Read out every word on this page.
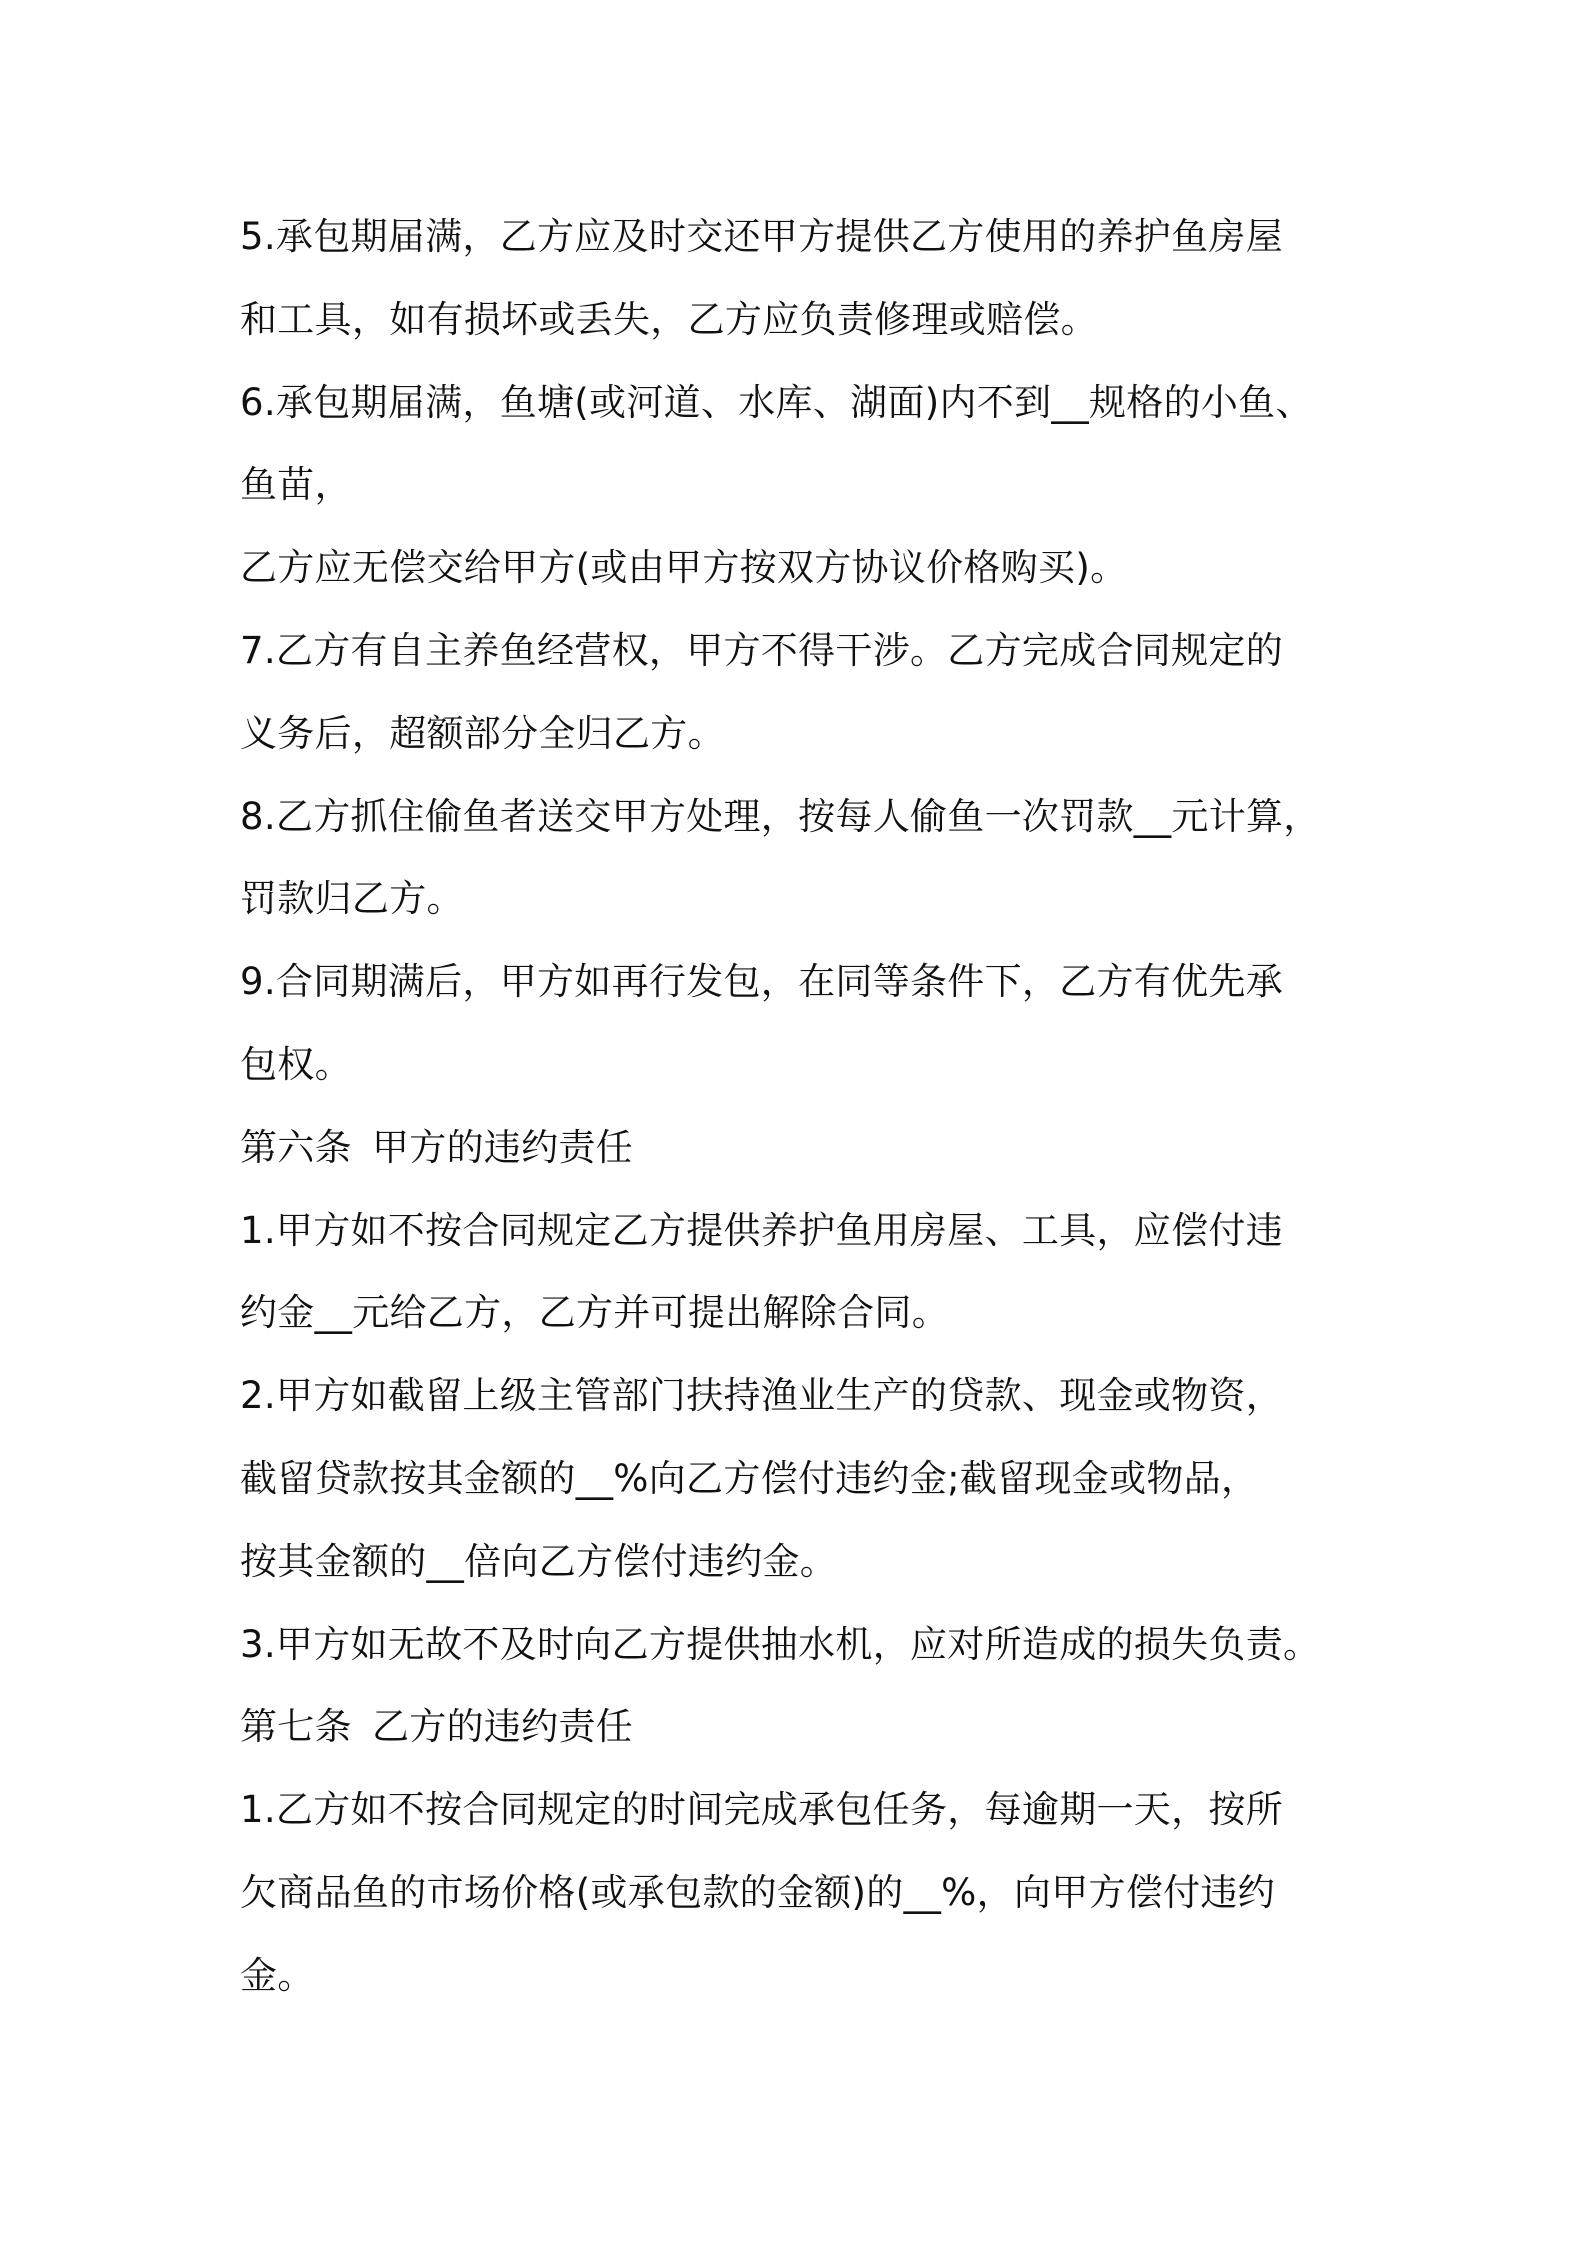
5.承包期届满，乙方应及时交还甲方提供乙方使用的养护鱼房屋
和工具，如有损坏或丢失，乙方应负责修理或赔偿。
6.承包期届满，鱼塘(或河道、水库、湖面)内不到__规格的小鱼、
鱼苗，
乙方应无偿交给甲方(或由甲方按双方协议价格购买)。
7.乙方有自主养鱼经营权，甲方不得干涉。乙方完成合同规定的
义务后，超额部分全归乙方。
8.乙方抓住偷鱼者送交甲方处理，按每人偷鱼一次罚款__元计算，
罚款归乙方。
9.合同期满后，甲方如再行发包，在同等条件下，乙方有优先承
包权。
第六条 甲方的违约责任
1.甲方如不按合同规定乙方提供养护鱼用房屋、工具，应偿付违
约金__元给乙方，乙方并可提出解除合同。
2.甲方如截留上级主管部门扶持渔业生产的贷款、现金或物资，
截留贷款按其金额的__%向乙方偿付违约金;截留现金或物品，
按其金额的__倍向乙方偿付违约金。
3.甲方如无故不及时向乙方提供抽水机，应对所造成的损失负责。
第七条 乙方的违约责任
1.乙方如不按合同规定的时间完成承包任务，每逾期一天，按所
欠商品鱼的市场价格(或承包款的金额)的__%，向甲方偿付违约
金。
